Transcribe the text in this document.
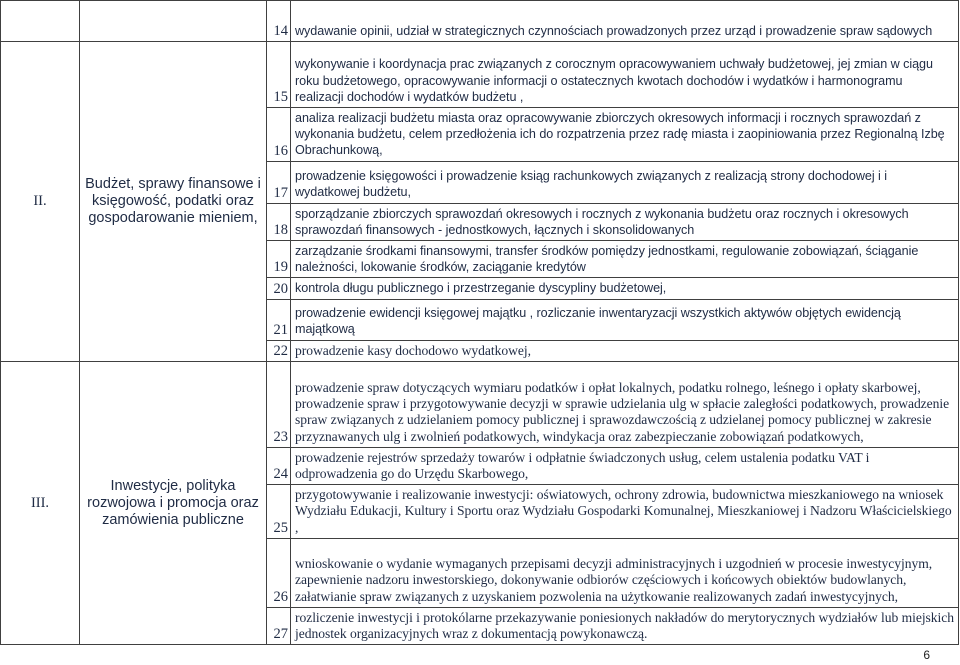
		14	wydawanie opinii, udział w strategicznych czynnościach prowadzonych przez urząd i prowadzenie spraw sądowych
II.	Budżet, sprawy finansowe i księgowość, podatki oraz gospodarowanie mieniem,	15	wykonywanie i koordynacja prac związanych z corocznym opracowywaniem uchwały budżetowej, jej zmian w ciągu roku budżetowego, opracowywanie informacji o ostatecznych kwotach dochodów i wydatków i harmonogramu realizacji dochodów i wydatków budżetu ,
		16	analiza realizacji budżetu miasta oraz opracowywanie zbiorczych okresowych informacji i rocznych sprawozdań z wykonania budżetu, celem przedłożenia ich do rozpatrzenia przez radę miasta i zaopiniowania przez Regionalną Izbę Obrachunkową,
		17	prowadzenie księgowości i prowadzenie ksiąg rachunkowych związanych z realizacją strony dochodowej i i wydatkowej budżetu,
		18	sporządzanie zbiorczych sprawozdań okresowych i rocznych z wykonania budżetu oraz rocznych i okresowych sprawozdań finansowych - jednostkowych, łącznych i skonsolidowanych
		19	zarządzanie środkami finansowymi, transfer środków pomiędzy jednostkami, regulowanie zobowiązań, ściąganie należności, lokowanie środków, zaciąganie kredytów
		20	kontrola długu publicznego i przestrzeganie dyscypliny budżetowej,
		21	prowadzenie ewidencji księgowej majątku , rozliczanie inwentaryzacji wszystkich aktywów objętych ewidencją majątkową
		22	prowadzenie kasy dochodowo wydatkowej,
III.	Inwestycje, polityka rozwojowa i promocja oraz zamówienia publiczne	23	prowadzenie spraw dotyczących wymiaru podatków i opłat lokalnych, podatku rolnego, leśnego i opłaty skarbowej, prowadzenie spraw i przygotowywanie decyzji w sprawie udzielania ulg w spłacie zaległości podatkowych, prowadzenie spraw związanych z udzielaniem pomocy publicznej i sprawozdawczością z udzielanej pomocy publicznej w zakresie przyznawanych ulg i zwolnień podatkowych, windykacja oraz zabezpieczanie zobowiązań podatkowych,
		24	prowadzenie rejestrów sprzedaży towarów i odpłatnie świadczonych usług, celem ustalenia podatku VAT i odprowadzenia go do Urzędu Skarbowego,
		25	przygotowywanie i realizowanie inwestycji: oświatowych, ochrony zdrowia, budownictwa mieszkaniowego na wniosek Wydziału Edukacji, Kultury i Sportu oraz Wydziału Gospodarki Komunalnej, Mieszkaniowej i Nadzoru Właścicielskiego ,
		26	wnioskowanie o wydanie wymaganych przepisami decyzji administracyjnych i uzgodnień w procesie inwestycyjnym, zapewnienie nadzoru inwestorskiego, dokonywanie odbiorów częściowych i końcowych obiektów budowlanych, załatwianie spraw związanych z uzyskaniem pozwolenia na użytkowanie realizowanych zadań inwestycyjnych,
		27	rozliczenie inwestycji i protokólarne przekazywanie poniesionych nakładów do merytorycznych wydziałów lub miejskich jednostek organizacyjnych wraz z dokumentacją powykonawczą.
6
